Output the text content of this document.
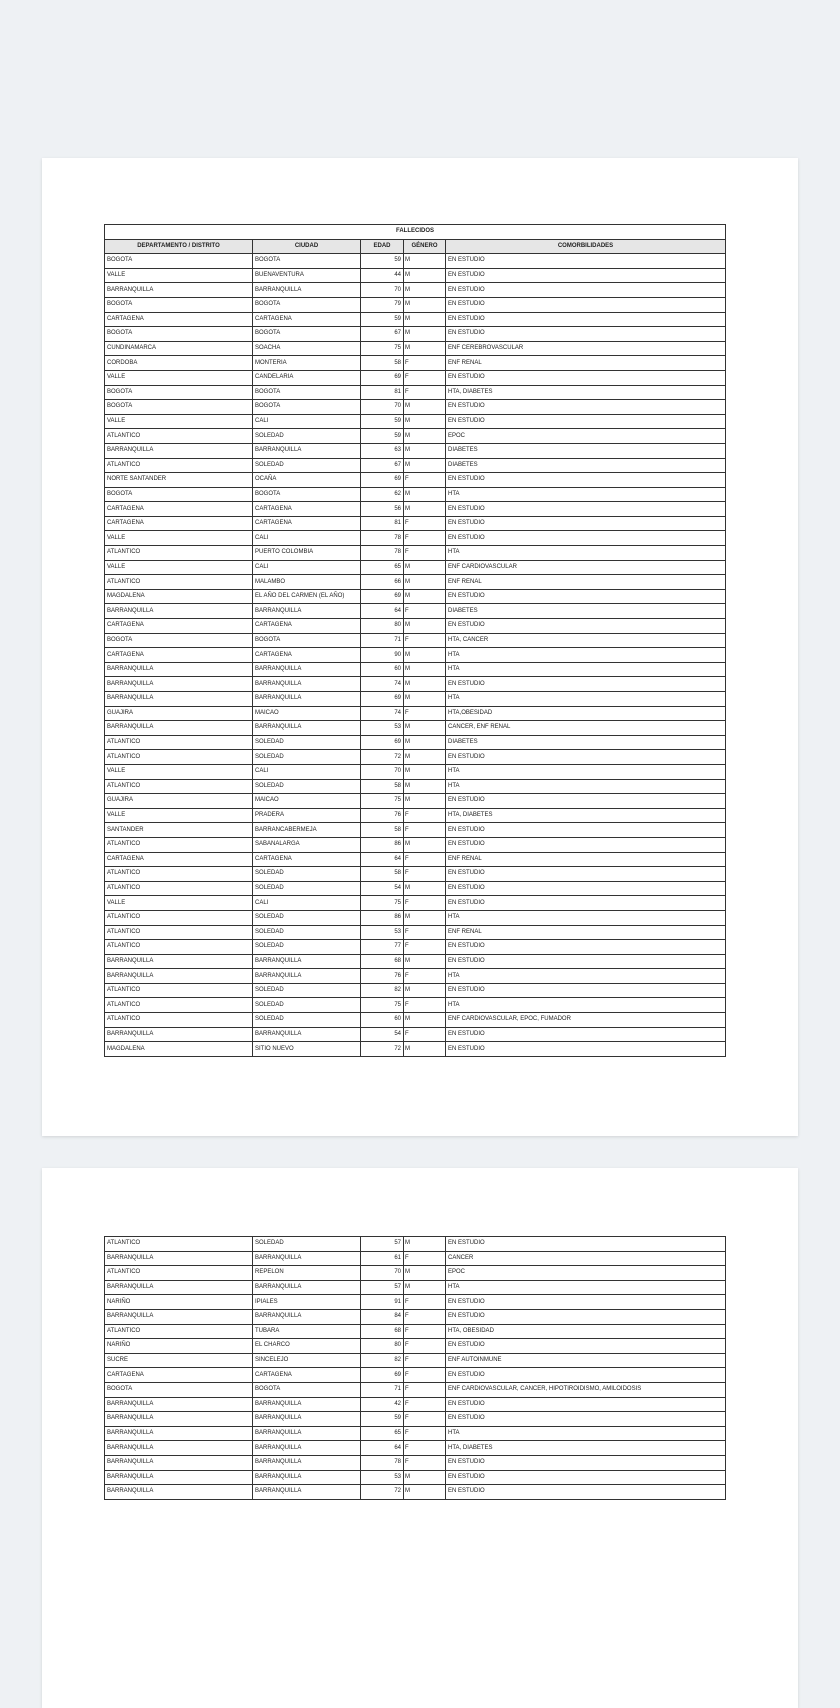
FALLECIDOS				
DEPARTAMENTO / DISTRITO	CIUDAD	EDAD	GÉNERO	COMORBILIDADES
BOGOTA	BOGOTA	59	M	EN ESTUDIO
VALLE	BUENAVENTURA	44	M	EN ESTUDIO
BARRANQUILLA	BARRANQUILLA	70	M	EN ESTUDIO
BOGOTA	BOGOTA	79	M	EN ESTUDIO
CARTAGENA	CARTAGENA	59	M	EN ESTUDIO
BOGOTA	BOGOTA	67	M	EN ESTUDIO
CUNDINAMARCA	SOACHA	75	M	ENF CEREBROVASCULAR
CORDOBA	MONTERIA	58	F	ENF RENAL
VALLE	CANDELARIA	69	F	EN ESTUDIO
BOGOTA	BOGOTA	81	F	HTA, DIABETES
BOGOTA	BOGOTA	70	M	EN ESTUDIO
VALLE	CALI	59	M	EN ESTUDIO
ATLANTICO	SOLEDAD	59	M	EPOC
BARRANQUILLA	BARRANQUILLA	63	M	DIABETES
ATLANTICO	SOLEDAD	67	M	DIABETES
NORTE SANTANDER	OCAÑA	69	F	EN ESTUDIO
BOGOTA	BOGOTA	62	M	HTA
CARTAGENA	CARTAGENA	56	M	EN ESTUDIO
CARTAGENA	CARTAGENA	81	F	EN ESTUDIO
VALLE	CALI	78	F	EN ESTUDIO
ATLANTICO	PUERTO COLOMBIA	78	F	HTA
VALLE	CALI	65	M	ENF CARDIOVASCULAR
ATLANTICO	MALAMBO	66	M	ENF RENAL
MAGDALENA	EL AÑO DEL CARMEN (EL AÑO)	69	M	EN ESTUDIO
BARRANQUILLA	BARRANQUILLA	64	F	DIABETES
CARTAGENA	CARTAGENA	80	M	EN ESTUDIO
BOGOTA	BOGOTA	71	F	HTA, CANCER
CARTAGENA	CARTAGENA	90	M	HTA
BARRANQUILLA	BARRANQUILLA	60	M	HTA
BARRANQUILLA	BARRANQUILLA	74	M	EN ESTUDIO
BARRANQUILLA	BARRANQUILLA	69	M	HTA
GUAJIRA	MAICAO	74	F	HTA,OBESIDAD
BARRANQUILLA	BARRANQUILLA	53	M	CANCER, ENF RENAL
ATLANTICO	SOLEDAD	69	M	DIABETES
ATLANTICO	SOLEDAD	72	M	EN ESTUDIO
VALLE	CALI	70	M	HTA
ATLANTICO	SOLEDAD	58	M	HTA
GUAJIRA	MAICAO	75	M	EN ESTUDIO
VALLE	PRADERA	76	F	HTA, DIABETES
SANTANDER	BARRANCABERMEJA	58	F	EN ESTUDIO
ATLANTICO	SABANALARGA	86	M	EN ESTUDIO
CARTAGENA	CARTAGENA	64	F	ENF RENAL
ATLANTICO	SOLEDAD	58	F	EN ESTUDIO
ATLANTICO	SOLEDAD	54	M	EN ESTUDIO
VALLE	CALI	75	F	EN ESTUDIO
ATLANTICO	SOLEDAD	86	M	HTA
ATLANTICO	SOLEDAD	53	F	ENF RENAL
ATLANTICO	SOLEDAD	77	F	EN ESTUDIO
BARRANQUILLA	BARRANQUILLA	68	M	EN ESTUDIO
BARRANQUILLA	BARRANQUILLA	76	F	HTA
ATLANTICO	SOLEDAD	82	M	EN ESTUDIO
ATLANTICO	SOLEDAD	75	F	HTA
ATLANTICO	SOLEDAD	60	M	ENF CARDIOVASCULAR, EPOC, FUMADOR
BARRANQUILLA	BARRANQUILLA	54	F	EN ESTUDIO
MAGDALENA	SITIO NUEVO	72	M	EN ESTUDIO
ATLANTICO	SOLEDAD	57	M	EN ESTUDIO
BARRANQUILLA	BARRANQUILLA	61	F	CANCER
ATLANTICO	REPELON	70	M	EPOC
BARRANQUILLA	BARRANQUILLA	57	M	HTA
NARIÑO	IPIALES	91	F	EN ESTUDIO
BARRANQUILLA	BARRANQUILLA	84	F	EN ESTUDIO
ATLANTICO	TUBARA	68	F	HTA, OBESIDAD
NARIÑO	EL CHARCO	80	F	EN ESTUDIO
SUCRE	SINCELEJO	82	F	ENF AUTOINMUNE
CARTAGENA	CARTAGENA	69	F	EN ESTUDIO
BOGOTA	BOGOTA	71	F	ENF CARDIOVASCULAR, CANCER, HIPOTIROIDISMO, AMILOIDOSIS
BARRANQUILLA	BARRANQUILLA	42	F	EN ESTUDIO
BARRANQUILLA	BARRANQUILLA	59	F	EN ESTUDIO
BARRANQUILLA	BARRANQUILLA	65	F	HTA
BARRANQUILLA	BARRANQUILLA	64	F	HTA, DIABETES
BARRANQUILLA	BARRANQUILLA	78	F	EN ESTUDIO
BARRANQUILLA	BARRANQUILLA	53	M	EN ESTUDIO
BARRANQUILLA	BARRANQUILLA	72	M	EN ESTUDIO
